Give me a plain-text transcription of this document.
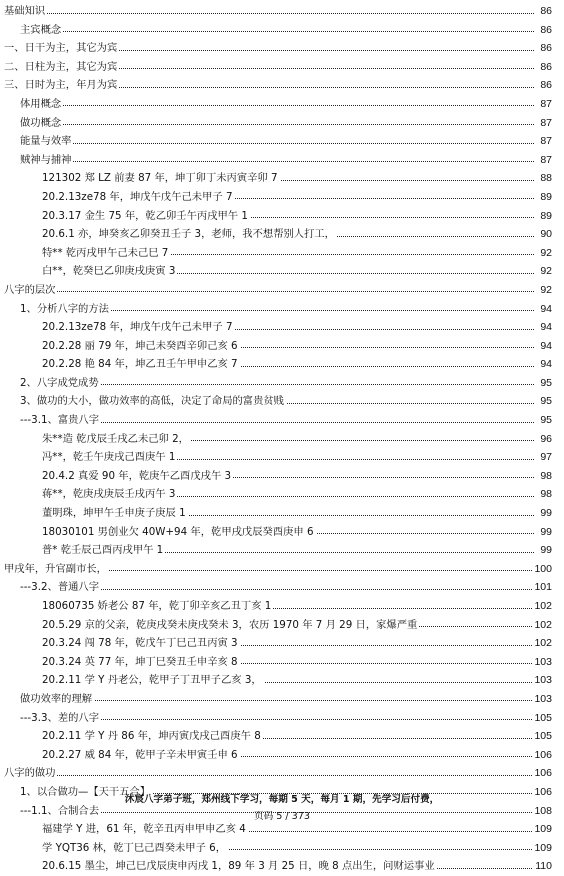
基础知识	86
主宾概念	86
一、日干为主，其它为宾	86
二、日柱为主，其它为宾	86
三、日时为主，年月为宾	86
体用概念	87
做功概念	87
能量与效率	87
贼神与捕神	87
121302 郑 LZ 前妻 87 年，坤丁卯丁未丙寅辛卯 7	88
20.2.13ze78 年，坤戊午戊午己未甲子 7	89
20.3.17 金生 75 年，乾乙卯壬午丙戌甲午 1	89
20.6.1 亦，坤癸亥乙卯癸丑壬子 3，老师，我不想帮别人打工，	90
特** 乾丙戌甲午己未己巳 7	92
白**，乾癸巳乙卯庚戌庚寅 3	92
八字的层次	92
1、分析八字的方法	94
20.2.13ze78 年，坤戊午戊午己未甲子 7	94
20.2.28 丽 79 年，坤己未癸酉辛卯己亥 6	94
20.2.28 艳 84 年，坤乙丑壬午甲申乙亥 7	94
2、八字成党成势	95
3、做功的大小，做功效率的高低，决定了命局的富贵贫贱	95
---3.1、富贵八字	95
朱**造 乾戊辰壬戌乙未己卯 2，	96
冯**，乾壬午庚戌己酉庚午 1	97
20.4.2 真爱 90 年，乾庚午乙酉戊戌午 3	98
蒋**，乾庚戌庚辰壬戌丙午 3	98
董明珠，坤甲午壬申庚子庚辰 1	99
18030101 男创业欠 40W+94 年，乾甲戌戊辰癸酉庚申 6	99
普* 乾壬辰己酉丙戌甲午 1	99
甲戌年，升官副市长，	100
---3.2、普通八字	101
18060735 娇老公 87 年，乾丁卯辛亥乙丑丁亥 1	102
20.5.29 京的父亲，乾庚戌癸未庚戌癸未 3，农历 1970 年 7 月 29 日，家爆严重	102
20.3.24 闯 78 年，乾戊午丁巳己丑丙寅 3	102
20.3.24 英 77 年，坤丁巳癸丑壬申辛亥 8	103
20.2.11 学 Y 丹老公，乾甲子丁丑甲子乙亥 3，	103
做功效率的理解	103
---3.3、差的八字	105
20.2.11 学 Y 丹 86 年，坤丙寅戊戌己酉庚午 8	105
20.2.27 威 84 年，乾甲子辛未甲寅壬申 6	106
八字的做功	106
1、以合做功—【天干五合】	106
---1.1、合制合去	108
福建学 Y 进，61 年，乾辛丑丙申甲申乙亥 4	109
学 YQT36 林，乾丁巳己酉癸未甲子 6，	109
20.6.15 墨尘，坤己巳戊辰庚申丙戌 1，89 年 3 月 25 日，晚 8 点出生，问财运事业	110
沐宸八字弟子班，郑州线下学习，每期 5 天，每月 1 期，先学习后付费，
页码 5 / 373
